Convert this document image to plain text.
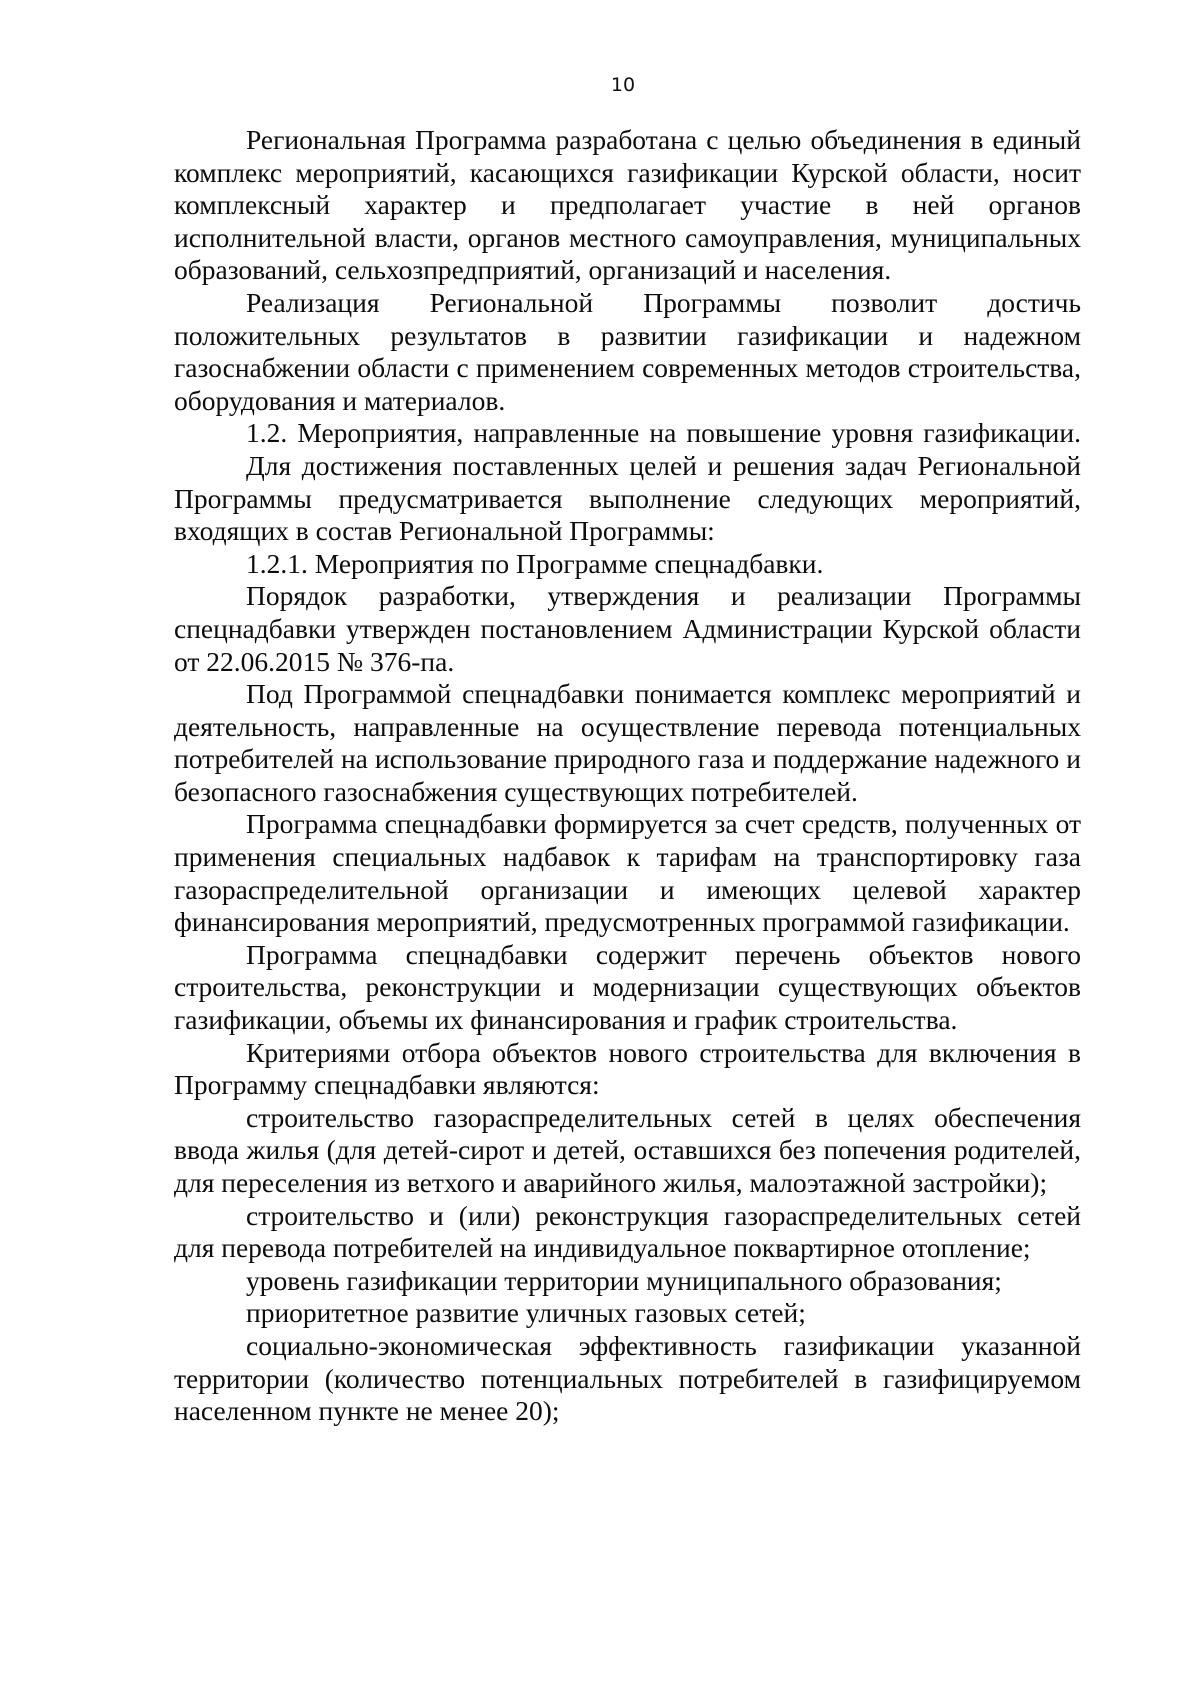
10

Региональная Программа разработана с целью объединения в единый комплекс мероприятий, касающихся газификации Курской области, носит комплексный характер и предполагает участие в ней органов исполнительной власти, органов местного самоуправления, муниципальных образований, сельхозпредприятий, организаций и населения.

Реализация Региональной Программы позволит достичь положительных результатов в развитии газификации и надежном газоснабжении области с применением современных методов строительства, оборудования и материалов.

1.2. Мероприятия, направленные на повышение уровня газификации.

Для достижения поставленных целей и решения задач Региональной Программы предусматривается выполнение следующих мероприятий, входящих в состав Региональной Программы:

1.2.1. Мероприятия по Программе спецнадбавки.

Порядок разработки, утверждения и реализации Программы спецнадбавки утвержден постановлением Администрации Курской области от 22.06.2015 № 376-па.

Под Программой спецнадбавки понимается комплекс мероприятий и деятельность, направленные на осуществление перевода потенциальных потребителей на использование природного газа и поддержание надежного и безопасного газоснабжения существующих потребителей.

Программа спецнадбавки формируется за счет средств, полученных от применения специальных надбавок к тарифам на транспортировку газа газораспределительной организации и имеющих целевой характер финансирования мероприятий, предусмотренных программой газификации.

Программа спецнадбавки содержит перечень объектов нового строительства, реконструкции и модернизации существующих объектов газификации, объемы их финансирования и график строительства.

Критериями отбора объектов нового строительства для включения в Программу спецнадбавки являются:

строительство газораспределительных сетей в целях обеспечения ввода жилья (для детей-сирот и детей, оставшихся без попечения родителей, для переселения из ветхого и аварийного жилья, малоэтажной застройки);

строительство и (или) реконструкция газораспределительных сетей для перевода потребителей на индивидуальное поквартирное отопление;

уровень газификации территории муниципального образования;

приоритетное развитие уличных газовых сетей;

социально-экономическая эффективность газификации указанной территории (количество потенциальных потребителей в газифицируемом населенном пункте не менее 20);
